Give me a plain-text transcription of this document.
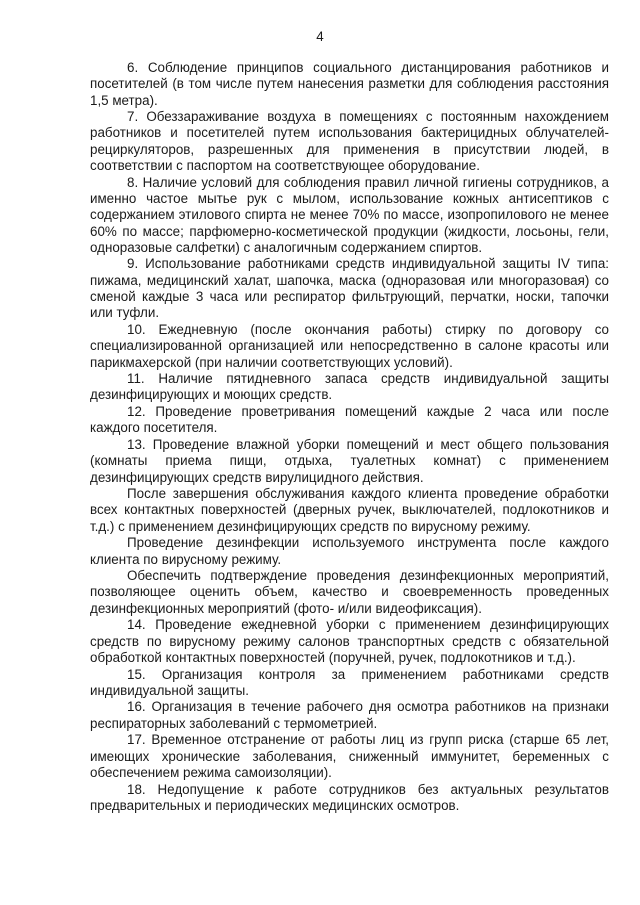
4

6. Соблюдение принципов социального дистанцирования работников и посетителей (в том числе путем нанесения разметки для соблюдения расстояния 1,5 метра).

7. Обеззараживание воздуха в помещениях с постоянным нахождением работников и посетителей путем использования бактерицидных облучателей-рециркуляторов, разрешенных для применения в присутствии людей, в соответствии с паспортом на соответствующее оборудование.

8. Наличие условий для соблюдения правил личной гигиены сотрудников, а именно частое мытье рук с мылом, использование кожных антисептиков с содержанием этилового спирта не менее 70% по массе, изопропилового не менее 60% по массе; парфюмерно-косметической продукции (жидкости, лосьоны, гели, одноразовые салфетки) с аналогичным содержанием спиртов.

9. Использование работниками средств индивидуальной защиты IV типа: пижама, медицинский халат, шапочка, маска (одноразовая или многоразовая) со сменой каждые 3 часа или респиратор фильтрующий, перчатки, носки, тапочки или туфли.

10. Ежедневную (после окончания работы) стирку по договору со специализированной организацией или непосредственно в салоне красоты или парикмахерской (при наличии соответствующих условий).

11. Наличие пятидневного запаса средств индивидуальной защиты дезинфицирующих и моющих средств.

12. Проведение проветривания помещений каждые 2 часа или после каждого посетителя.

13. Проведение влажной уборки помещений и мест общего пользования (комнаты приема пищи, отдыха, туалетных комнат) с применением дезинфицирующих средств вирулицидного действия.

После завершения обслуживания каждого клиента проведение обработки всех контактных поверхностей (дверных ручек, выключателей, подлокотников и т.д.) с применением дезинфицирующих средств по вирусному режиму.

Проведение дезинфекции используемого инструмента после каждого клиента по вирусному режиму.

Обеспечить подтверждение проведения дезинфекционных мероприятий, позволяющее оценить объем, качество и своевременность проведенных дезинфекционных мероприятий (фото- и/или видеофиксация).

14. Проведение ежедневной уборки с применением дезинфицирующих средств по вирусному режиму салонов транспортных средств с обязательной обработкой контактных поверхностей (поручней, ручек, подлокотников и т.д.).

15. Организация контроля за применением работниками средств индивидуальной защиты.

16. Организация в течение рабочего дня осмотра работников на признаки респираторных заболеваний с термометрией.

17. Временное отстранение от работы лиц из групп риска (старше 65 лет, имеющих хронические заболевания, сниженный иммунитет, беременных с обеспечением режима самоизоляции).

18. Недопущение к работе сотрудников без актуальных результатов предварительных и периодических медицинских осмотров.
